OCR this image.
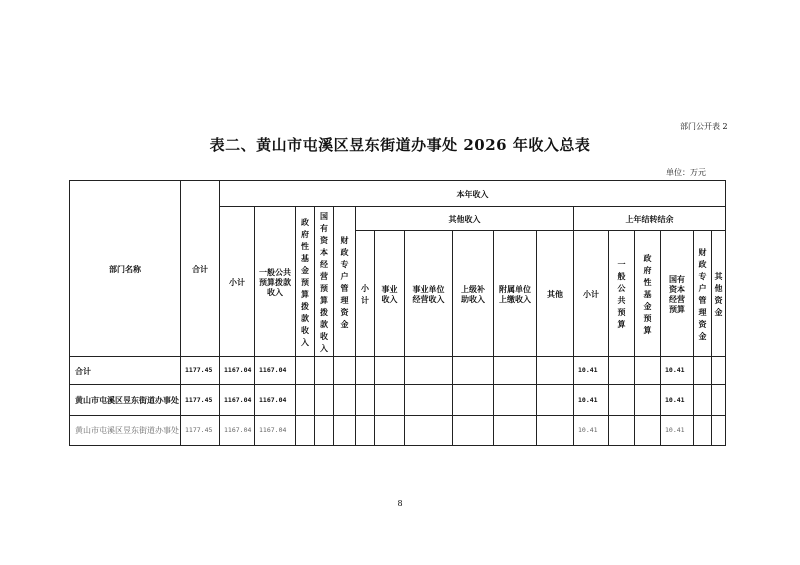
部门公开表 2
表二、黄山市屯溪区昱东街道办事处 2026 年收入总表
单位：万元
部门名称	合计	本年收入																
		小计	一般公共预算拨款收入	政府性基金预算拨款收入	国有资本经营预算拨款收入	财政专户管理资金	其他收入						上年结转结余					

							小计	事业收入	事业单位经营收入	上级补助收入	附属单位上缴收入	其他	小计	一般公共预算	政府性基金预算	国有资本经营预算	财政专户管理资金	其他资金

合计	1177.45	1167.04	1167.04										10.41			10.41		
黄山市屯溪区昱东街道办事处	1177.45	1167.04	1167.04										10.41			10.41		
黄山市屯溪区昱东街道办事处	1177.45	1167.04	1167.04										10.41			10.41		
8
